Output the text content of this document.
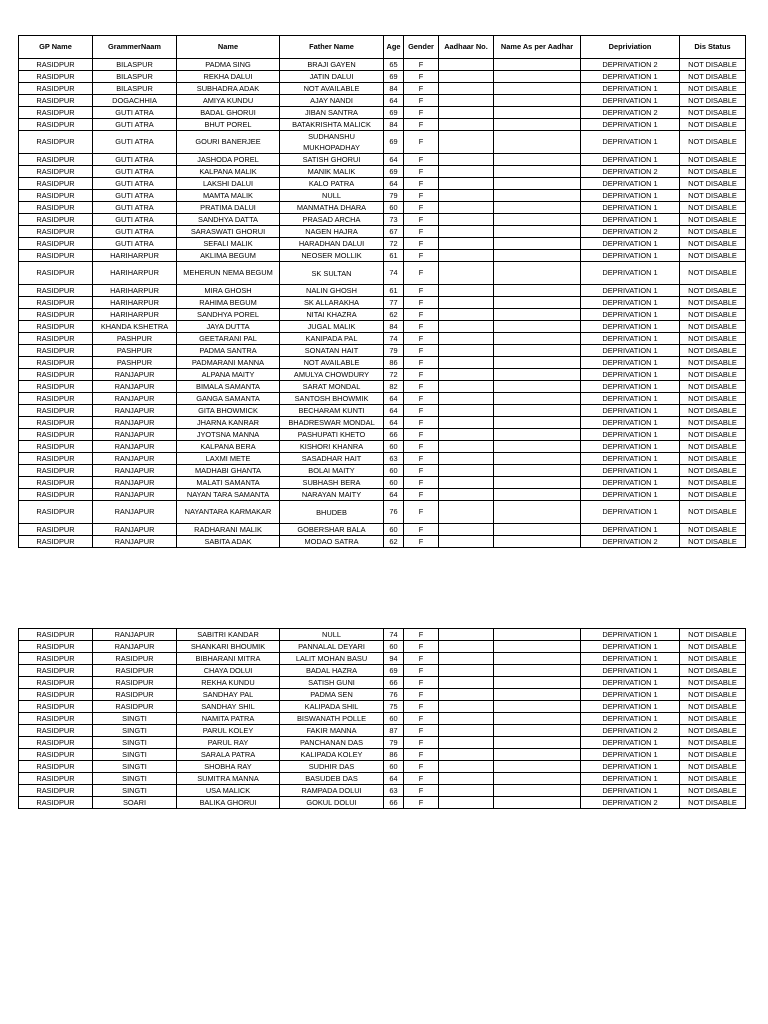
GP Name	GrammerNaam	Name	Father Name	Age	Gender	Aadhaar No.	Name As per Aadhar	Depriviation	Dis Status
RASIDPUR	BILASPUR	PADMA SING	BRAJI GAYEN	65	F			DEPRIVATION 2	NOT DISABLE
RASIDPUR	BILASPUR	REKHA DALUI	JATIN DALUI	69	F			DEPRIVATION 1	NOT DISABLE
RASIDPUR	BILASPUR	SUBHADRA ADAK	NOT AVAILABLE	84	F			DEPRIVATION 1	NOT DISABLE
RASIDPUR	DOGACHHIA	AMIYA KUNDU	AJAY NANDI	64	F			DEPRIVATION 1	NOT DISABLE
RASIDPUR	GUTI ATRA	BADAL GHORUI	JIBAN SANTRA	69	F			DEPRIVATION 2	NOT DISABLE
RASIDPUR	GUTI ATRA	BHUT POREL	BATAKRISHTA MALICK	84	F			DEPRIVATION 1	NOT DISABLE
RASIDPUR	GUTI ATRA	GOURI BANERJEE	SUDHANSHU MUKHOPADHAY	69	F			DEPRIVATION 1	NOT DISABLE
RASIDPUR	GUTI ATRA	JASHODA POREL	SATISH GHORUI	64	F			DEPRIVATION 1	NOT DISABLE
RASIDPUR	GUTI ATRA	KALPANA MALIK	MANIK MALIK	69	F			DEPRIVATION 2	NOT DISABLE
RASIDPUR	GUTI ATRA	LAKSHI DALUI	KALO PATRA	64	F			DEPRIVATION 1	NOT DISABLE
RASIDPUR	GUTI ATRA	MAMTA MALIK	NULL	79	F			DEPRIVATION 1	NOT DISABLE
RASIDPUR	GUTI ATRA	PRATIMA DALUI	MANMATHA DHARA	60	F			DEPRIVATION 1	NOT DISABLE
RASIDPUR	GUTI ATRA	SANDHYA DATTA	PRASAD ARCHA	73	F			DEPRIVATION 1	NOT DISABLE
RASIDPUR	GUTI ATRA	SARASWATI GHORUI	NAGEN HAJRA	67	F			DEPRIVATION 2	NOT DISABLE
RASIDPUR	GUTI ATRA	SEFALI MALIK	HARADHAN DALUI	72	F			DEPRIVATION 1	NOT DISABLE
RASIDPUR	HARIHARPUR	AKLIMA BEGUM	NEOSER MOLLIK	61	F			DEPRIVATION 1	NOT DISABLE
RASIDPUR	HARIHARPUR	MEHERUN NEMA BEGUM	SK SULTAN	74	F			DEPRIVATION 1	NOT DISABLE
RASIDPUR	HARIHARPUR	MIRA GHOSH	NALIN GHOSH	61	F			DEPRIVATION 1	NOT DISABLE
RASIDPUR	HARIHARPUR	RAHIMA BEGUM	SK ALLARAKHA	77	F			DEPRIVATION 1	NOT DISABLE
RASIDPUR	HARIHARPUR	SANDHYA POREL	NITAI KHAZRA	62	F			DEPRIVATION 1	NOT DISABLE
RASIDPUR	KHANDA KSHETRA	JAYA DUTTA	JUGAL MALIK	84	F			DEPRIVATION 1	NOT DISABLE
RASIDPUR	PASHPUR	GEETARANI PAL	KANIPADA PAL	74	F			DEPRIVATION 1	NOT DISABLE
RASIDPUR	PASHPUR	PADMA SANTRA	SONATAN HAIT	79	F			DEPRIVATION 1	NOT DISABLE
RASIDPUR	PASHPUR	PADMARANI MANNA	NOT AVAILABLE	86	F			DEPRIVATION 1	NOT DISABLE
RASIDPUR	RANJAPUR	ALPANA MAITY	AMULYA CHOWDURY	72	F			DEPRIVATION 1	NOT DISABLE
RASIDPUR	RANJAPUR	BIMALA SAMANTA	SARAT MONDAL	82	F			DEPRIVATION 1	NOT DISABLE
RASIDPUR	RANJAPUR	GANGA SAMANTA	SANTOSH BHOWMIK	64	F			DEPRIVATION 1	NOT DISABLE
RASIDPUR	RANJAPUR	GITA BHOWMICK	BECHARAM KUNTI	64	F			DEPRIVATION 1	NOT DISABLE
RASIDPUR	RANJAPUR	JHARNA KANRAR	BHADRESWAR MONDAL	64	F			DEPRIVATION 1	NOT DISABLE
RASIDPUR	RANJAPUR	JYOTSNA MANNA	PASHUPATI KHETO	66	F			DEPRIVATION 1	NOT DISABLE
RASIDPUR	RANJAPUR	KALPANA BERA	KISHORI KHANRA	60	F			DEPRIVATION 1	NOT DISABLE
RASIDPUR	RANJAPUR	LAXMI METE	SASADHAR HAIT	63	F			DEPRIVATION 1	NOT DISABLE
RASIDPUR	RANJAPUR	MADHABI GHANTA	BOLAI MAITY	60	F			DEPRIVATION 1	NOT DISABLE
RASIDPUR	RANJAPUR	MALATI SAMANTA	SUBHASH BERA	60	F			DEPRIVATION 1	NOT DISABLE
RASIDPUR	RANJAPUR	NAYAN TARA SAMANTA	NARAYAN MAITY	64	F			DEPRIVATION 1	NOT DISABLE
RASIDPUR	RANJAPUR	NAYANTARA KARMAKAR	BHUDEB	76	F			DEPRIVATION 1	NOT DISABLE
RASIDPUR	RANJAPUR	RADHARANI MALIK	GOBERSHAR BALA	60	F			DEPRIVATION 1	NOT DISABLE
RASIDPUR	RANJAPUR	SABITA ADAK	MODAO SATRA	62	F			DEPRIVATION 2	NOT DISABLE
RASIDPUR	RANJAPUR	SABITRI KANDAR	NULL	74	F			DEPRIVATION 1	NOT DISABLE
RASIDPUR	RANJAPUR	SHANKARI BHOUMIK	PANNALAL DEYARI	60	F			DEPRIVATION 1	NOT DISABLE
RASIDPUR	RASIDPUR	BIBHARANI MITRA	LALIT MOHAN BASU	94	F			DEPRIVATION 1	NOT DISABLE
RASIDPUR	RASIDPUR	CHAYA DOLUI	BADAL HAZRA	69	F			DEPRIVATION 1	NOT DISABLE
RASIDPUR	RASIDPUR	REKHA KUNDU	SATISH GUNI	66	F			DEPRIVATION 1	NOT DISABLE
RASIDPUR	RASIDPUR	SANDHAY PAL	PADMA SEN	76	F			DEPRIVATION 1	NOT DISABLE
RASIDPUR	RASIDPUR	SANDHAY SHIL	KALIPADA SHIL	75	F			DEPRIVATION 1	NOT DISABLE
RASIDPUR	SINGTI	NAMITA PATRA	BISWANATH POLLE	60	F			DEPRIVATION 1	NOT DISABLE
RASIDPUR	SINGTI	PARUL KOLEY	FAKIR MANNA	87	F			DEPRIVATION 2	NOT DISABLE
RASIDPUR	SINGTI	PARUL RAY	PANCHANAN DAS	79	F			DEPRIVATION 1	NOT DISABLE
RASIDPUR	SINGTI	SARALA PATRA	KALIPADA KOLEY	86	F			DEPRIVATION 1	NOT DISABLE
RASIDPUR	SINGTI	SHOBHA RAY	SUDHIR DAS	60	F			DEPRIVATION 1	NOT DISABLE
RASIDPUR	SINGTI	SUMITRA MANNA	BASUDEB DAS	64	F			DEPRIVATION 1	NOT DISABLE
RASIDPUR	SINGTI	USA MALICK	RAMPADA DOLUI	63	F			DEPRIVATION 1	NOT DISABLE
RASIDPUR	SOARI	BALIKA GHORUI	GOKUL DOLUI	66	F			DEPRIVATION 2	NOT DISABLE
